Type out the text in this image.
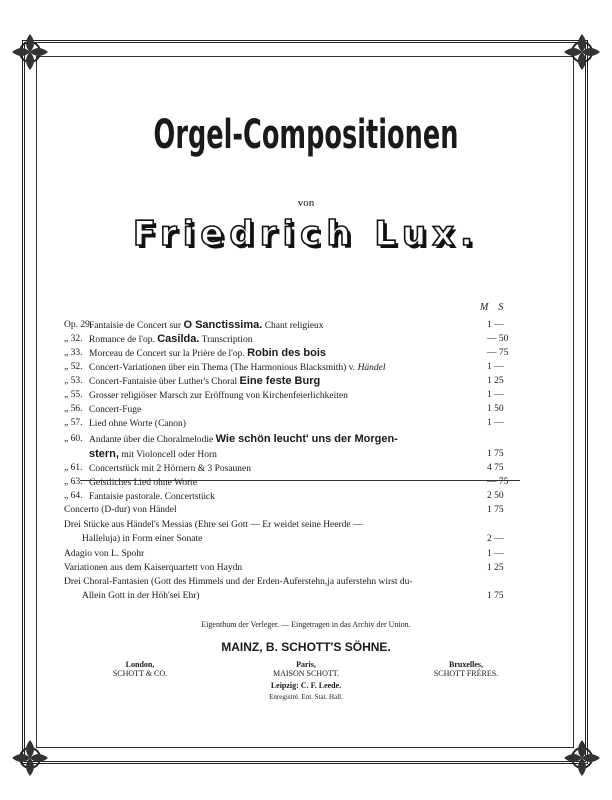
Orgel-Compositionen
von
Friedrich Lux.
M S
Op. 29.
Fantaisie de Concert sur O Sanctissima. Chant religieux	1 —
„ 32. Romance de l'op. Casilda. Transcription	— 50
„ 33. Morceau de Concert sur la Prière de l'op. Robin des bois	— 75
„ 52. Concert-Variationen über ein Thema (The Harmonious Blacksmith) v. Händel	1 —
„ 53. Concert-Fantaisie über Luther's Choral Eine feste Burg	1 25
„ 55. Grosser religiöser Marsch zur Eröffnung von Kirchenfeierlichkeiten	1 —
„ 56. Concert-Fuge	1 50
„ 57. Lied ohne Worte (Canon)	1 —
„ 60. Andante über die Choralmelodie Wie schön leucht' uns der Morgen-
stern, mit Violoncell oder Horn	1 75
„ 61. Concertstück mit 2 Hörnern & 3 Posaunen	4 75
„ 63. Geistliches Lied ohne Worte	— 75
„ 64. Fantaisie pastorale. Concertstück	2 50
Concerto (D-dur) von Händel	1 75
Drei Stücke aus Händel's Messias (Ehre sei Gott — Er weidet seine Heerde —
Halleluja) in Form einer Sonate	2 —
Adagio von L. Spohr	1 —
Variationen aus dem Kaiserquartett von Haydn	1 25
Drei Choral-Fantasien (Gott des Himmels und der Erden-Auferstehn,ja auferstehn wirst du-
Allein Gott in der Höh'sei Ehr)	1 75
Eigenthum der Verleger. — Eingetragen in das Archiv der Union.
MAINZ, B. SCHOTT'S SÖHNE.
London,
SCHOTT & CO.
Paris,
MAISON SCHOTT.
Bruxelles,
SCHOTT FRÈRES.
Leipzig: C. F. Leede.
Enregistré. Ent. Stat. Hall.
